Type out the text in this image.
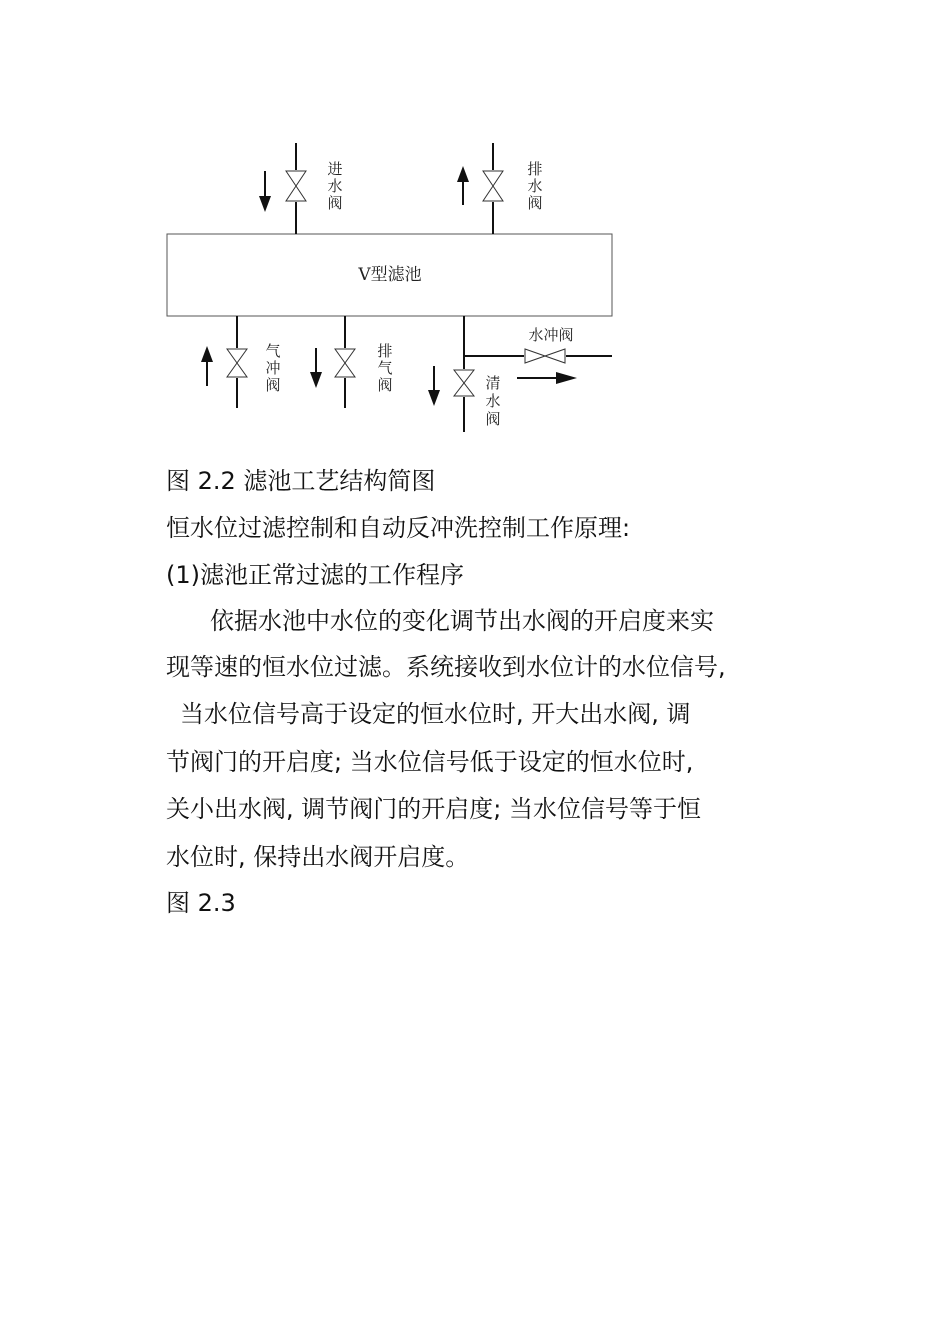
V型滤池
进
水
阀
排
水
阀
气
冲
阀
排
气
阀	清
水
阀
水冲阀

图 2.2 滤池工艺结构简图

恒水位过滤控制和自动反冲洗控制工作原理:

(1)滤池正常过滤的工作程序

依据水池中水位的变化调节出水阀的开启度来实

现等速的恒水位过滤。系统接收到水位计的水位信号,

当水位信号高于设定的恒水位时, 开大出水阀, 调

节阀门的开启度; 当水位信号低于设定的恒水位时,

关小出水阀, 调节阀门的开启度; 当水位信号等于恒

水位时, 保持出水阀开启度。

图 2.3
